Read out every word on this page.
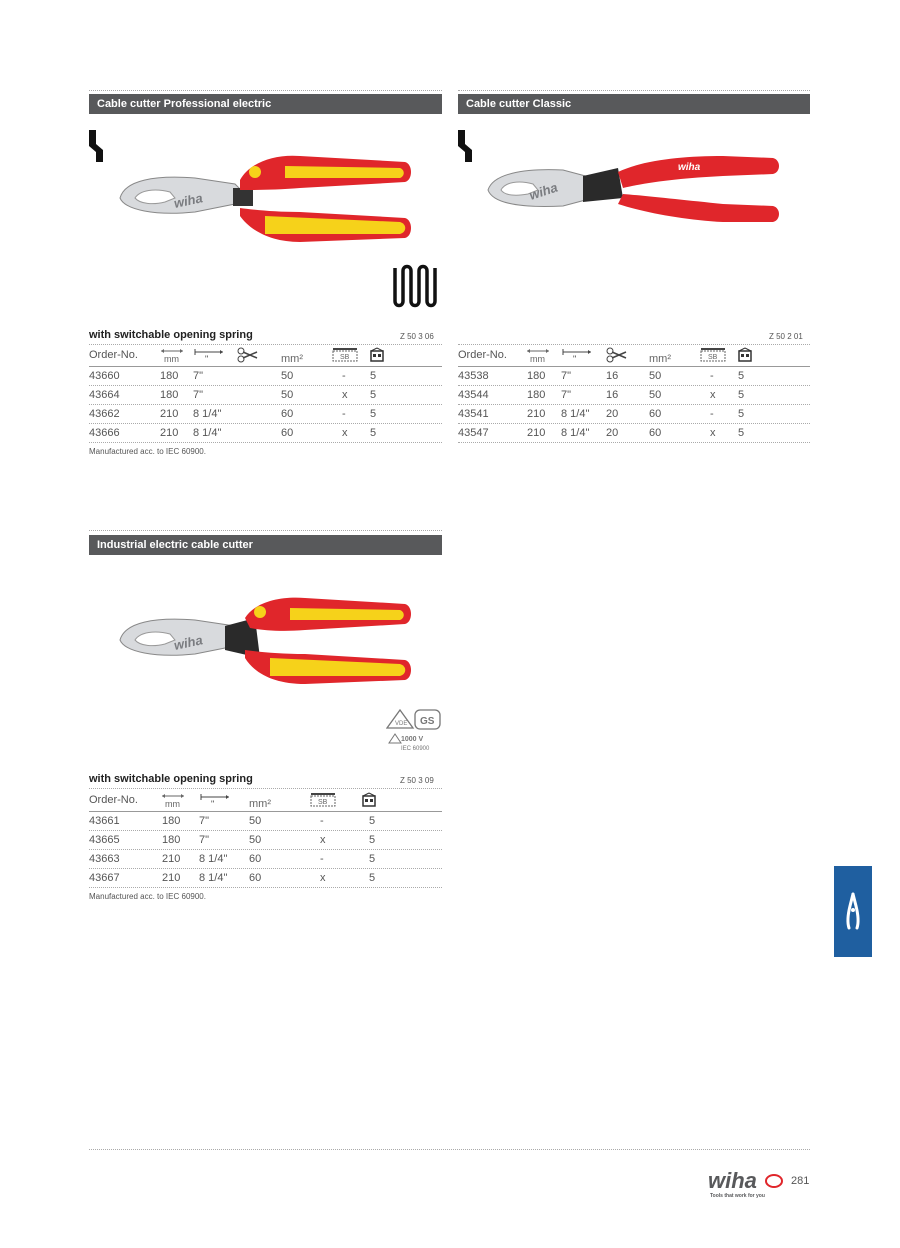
Cable cutter Professional electric
wiha
with switchable opening spring	Z 50 3 06
Order-No.	mm	"	mm²	SB
43660	180 7"	50	- 5
43664	180 7"	50	x 5
43662	210 8 1/4"	60	- 5
43666	210 8 1/4"	60	x 5
Manufactured acc. to IEC 60900.
Cable cutter Classic
wiha
wiha
Z 50 2 01
Order-No.	mm	"	mm²	SB
43538	180 7"	16	50	- 5
43544	180 7"	16	50	x 5
43541	210 8 1/4" 20	60	- 5
43547	210 8 1/4" 20	60	x 5
Industrial electric cable cutter
wiha
VDE GS
1000 V
IEC 60900
with switchable opening spring	Z 50 3 09
Order-No.	mm	"	mm²	SB
43661	180 7"	50	-	5
43665	180 7"	50	x	5
43663	210 8 1/4" 60	-	5
43667	210 8 1/4" 60	x	5
Manufactured acc. to IEC 60900.
wiha
Tools that work for you
281
